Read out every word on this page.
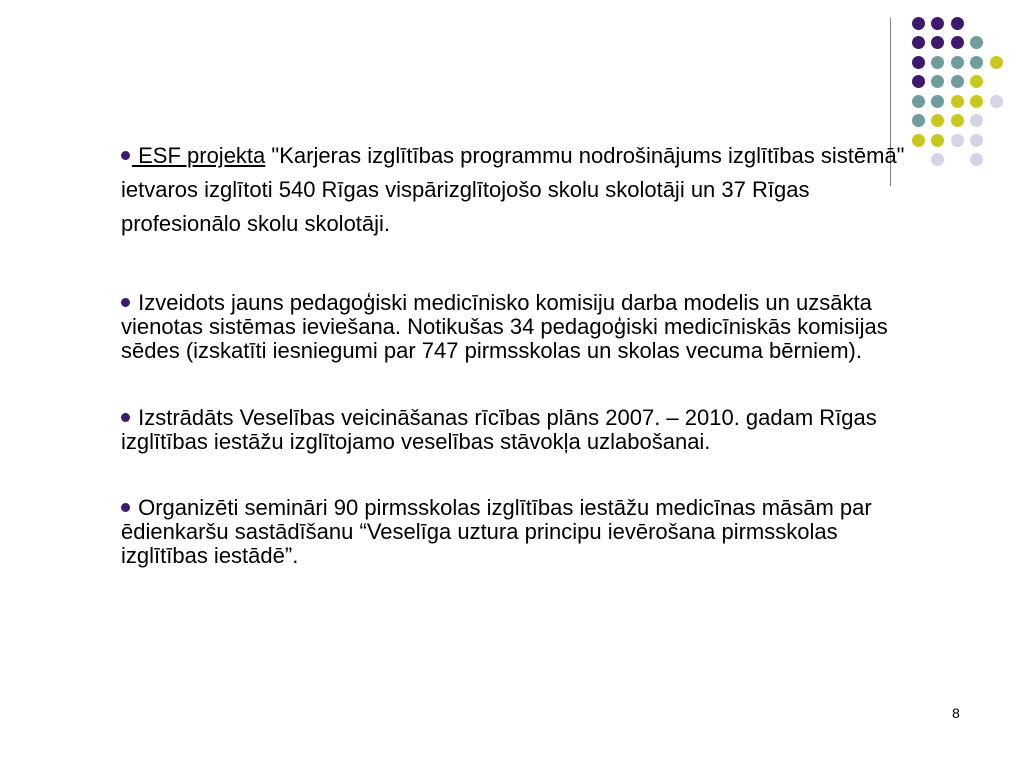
ESF projekta "Karjeras izglītības programmu nodrošinājums izglītības sistēmā" ietvaros izglītoti 540 Rīgas vispārizglītojošo skolu skolotāji un 37 Rīgas profesionālo skolu skolotāji.

Izveidots jauns pedagoģiski medicīnisko komisiju darba modelis un uzsākta vienotas sistēmas ieviešana. Notikušas 34 pedagoģiski medicīniskās komisijas sēdes (izskatīti iesniegumi par 747 pirmsskolas un skolas vecuma bērniem).

Izstrādāts Veselības veicināšanas rīcības plāns 2007. – 2010. gadam Rīgas izglītības iestāžu izglītojamo veselības stāvokļa uzlabošanai.

Organizēti semināri 90 pirmsskolas izglītības iestāžu medicīnas māsām par ēdienkaršu sastādīšanu “Veselīga uztura principu ievērošana pirmsskolas izglītības iestādē”.

8
